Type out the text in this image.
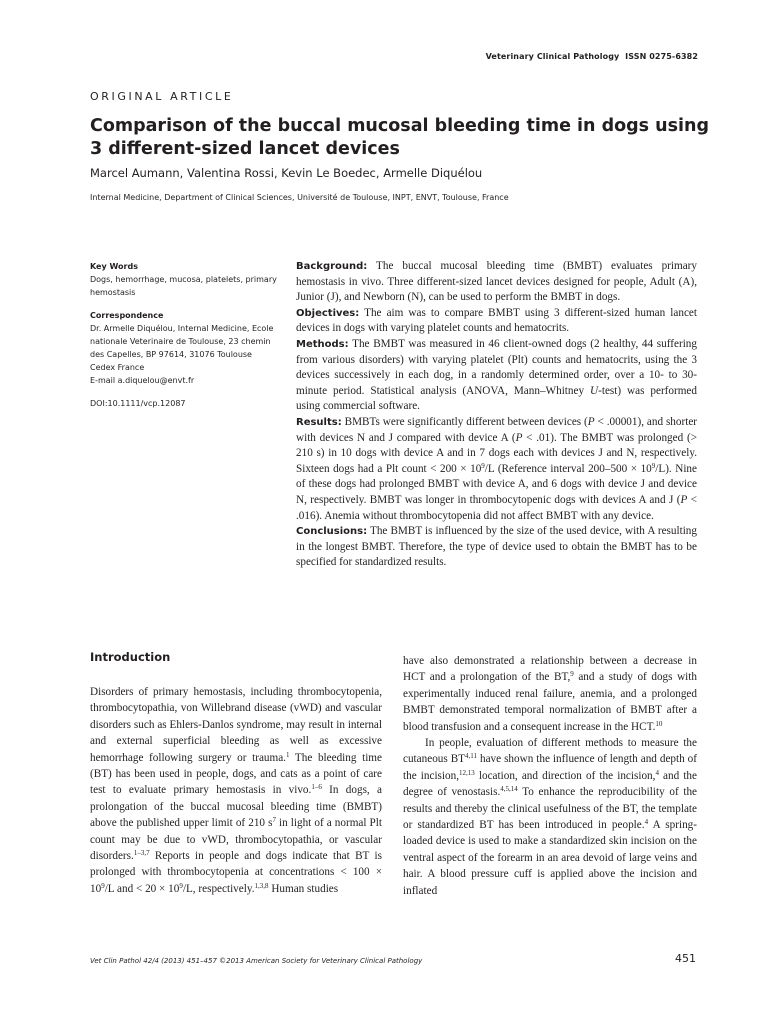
Veterinary Clinical Pathology ISSN 0275-6382
ORIGINAL ARTICLE
Comparison of the buccal mucosal bleeding time in dogs using 3 different-sized lancet devices
Marcel Aumann, Valentina Rossi, Kevin Le Boedec, Armelle Diquélou
Internal Medicine, Department of Clinical Sciences, Université de Toulouse, INPT, ENVT, Toulouse, France

Key Words

Dogs, hemorrhage, mucosa, platelets, primary hemostasis

Correspondence

Dr. Armelle Diquélou, Internal Medicine, Ecole

nationale Veterinaire de Toulouse, 23 chemin

des Capelles, BP 97614, 31076 Toulouse

Cedex France

E-mail a.diquelou@envt.fr

DOI:10.1111/vcp.12087

Background: The buccal mucosal bleeding time (BMBT) evaluates primary hemostasis in vivo. Three different-sized lancet devices designed for people, Adult (A), Junior (J), and Newborn (N), can be used to perform the BMBT in dogs.

Objectives: The aim was to compare BMBT using 3 different-sized human lancet devices in dogs with varying platelet counts and hematocrits.

Methods: The BMBT was measured in 46 client-owned dogs (2 healthy, 44 suffering from various disorders) with varying platelet (Plt) counts and hematocrits, using the 3 devices successively in each dog, in a randomly determined order, over a 10- to 30-minute period. Statistical analysis (ANOVA, Mann–Whitney U-test) was performed using commercial software.

Results: BMBTs were significantly different between devices (P < .00001), and shorter with devices N and J compared with device A (P < .01). The BMBT was prolonged (> 210 s) in 10 dogs with device A and in 7 dogs each with devices J and N, respectively. Sixteen dogs had a Plt count < $200 \times 10^9/L$ (Reference interval $200-500 \times 10^9/L$). Nine of these dogs had prolonged BMBT with device A, and 6 dogs with device J and device N, respectively. BMBT was longer in thrombocytopenic dogs with devices A and J (P < .016). Anemia without thrombocytopenia did not affect BMBT with any device.

Conclusions: The BMBT is influenced by the size of the used device, with A resulting in the longest BMBT. Therefore, the type of device used to obtain the BMBT has to be specified for standardized results.

Introduction

Disorders of primary hemostasis, including thrombocytopenia, thrombocytopathia, von Willebrand disease (vWD) and vascular disorders such as Ehlers-Danlos syndrome, may result in internal and external superficial bleeding as well as excessive hemorrhage following surgery or trauma.$^1$ The bleeding time (BT) has been used in people, dogs, and cats as a point of care test to evaluate primary hemostasis in vivo.$^{1-6}$ In dogs, a prolongation of the buccal mucosal bleeding time (BMBT) above the published upper limit of 210 $s^7$ in light of a normal Plt count may be due to vWD, thrombocytopathia, or vascular disorders.$^{1-3,7}$ Reports in people and dogs indicate that BT is prolonged with thrombocytopenia at concentrations < $100 \times 10^9/L$ and < $20 \times 10^9/L$, respectively.$^{1,3,8}$ Human studies

have also demonstrated a relationship between a decrease in HCT and a prolongation of the BT,$^9$ and a study of dogs with experimentally induced renal failure, anemia, and a prolonged BMBT demonstrated temporal normalization of BMBT after a blood transfusion and a consequent increase in the HCT.$^{10}$

In people, evaluation of different methods to measure the cutaneous BT$^{4,11}$ have shown the influence of length and depth of the incision,$^{12,13}$ location, and direction of the incision,$^4$ and the degree of venostasis.$^{4,5,14}$ To enhance the reproducibility of the results and thereby the clinical usefulness of the BT, the template or standardized BT has been introduced in people.$^4$ A spring-loaded device is used to make a standardized skin incision on the ventral aspect of the forearm in an area devoid of large veins and hair. A blood pressure cuff is applied above the incision and inflated

Vet Clin Pathol 42/4 (2013) 451–457 ©2013 American Society for Veterinary Clinical Pathology	451
